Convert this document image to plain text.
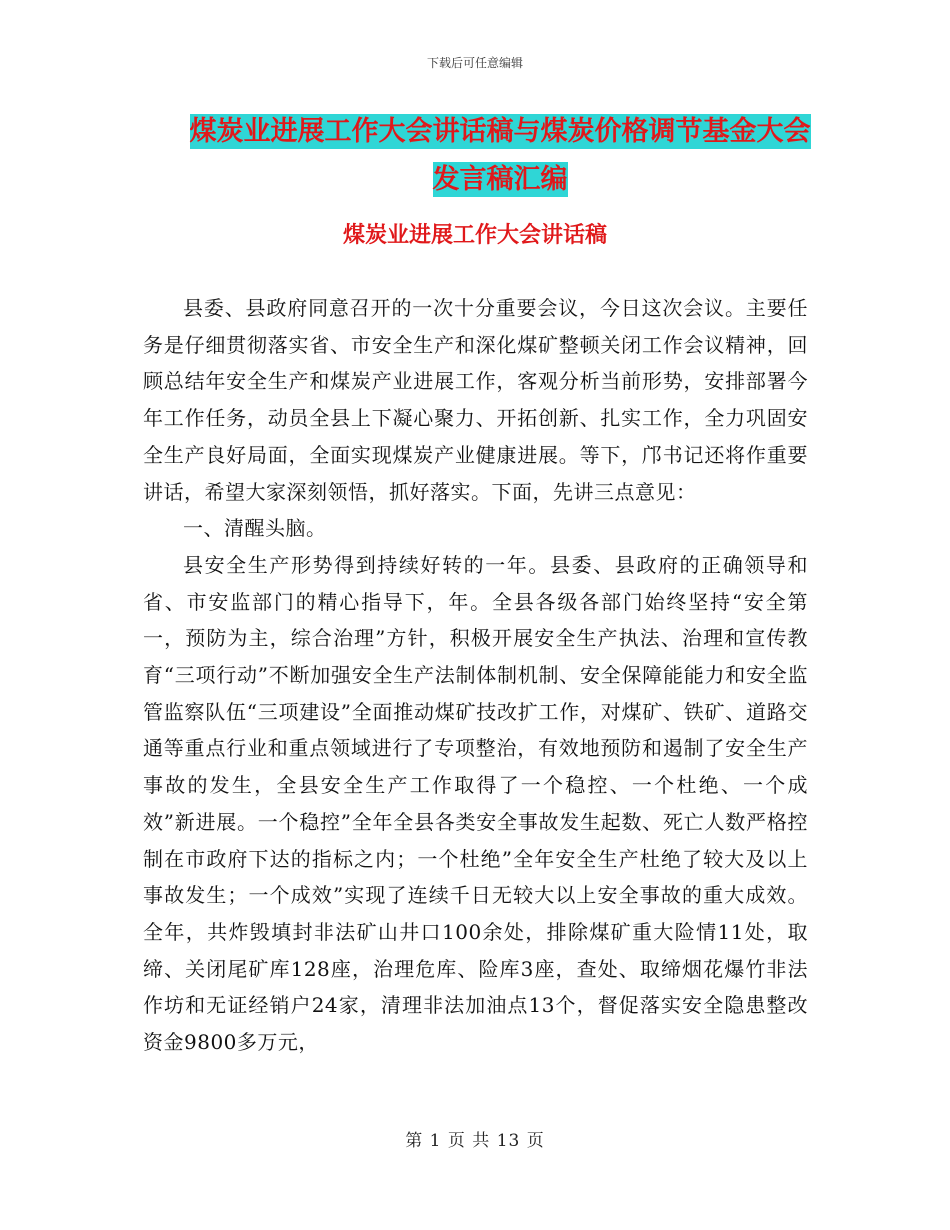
下载后可任意编辑
煤炭业进展工作大会讲话稿与煤炭价格调节基金大会
发言稿汇编
煤炭业进展工作大会讲话稿

县委、县政府同意召开的一次十分重要会议，今日这次会议。主要任务是仔细贯彻落实省、市安全生产和深化煤矿整顿关闭工作会议精神，回顾总结年安全生产和煤炭产业进展工作，客观分析当前形势，安排部署今年工作任务，动员全县上下凝心聚力、开拓创新、扎实工作，全力巩固安全生产良好局面，全面实现煤炭产业健康进展。等下，邝书记还将作重要讲话，希望大家深刻领悟，抓好落实。下面，先讲三点意见：

一、清醒头脑。

县安全生产形势得到持续好转的一年。县委、县政府的正确领导和省、市安监部门的精心指导下，年。全县各级各部门始终坚持“安全第一，预防为主，综合治理”方针，积极开展安全生产执法、治理和宣传教育“三项行动”不断加强安全生产法制体制机制、安全保障能能力和安全监管监察队伍“三项建设”全面推动煤矿技改扩工作，对煤矿、铁矿、道路交通等重点行业和重点领域进行了专项整治，有效地预防和遏制了安全生产事故的发生，全县安全生产工作取得了一个稳控、一个杜绝、一个成效”新进展。一个稳控”全年全县各类安全事故发生起数、死亡人数严格控制在市政府下达的指标之内；一个杜绝”全年安全生产杜绝了较大及以上事故发生；一个成效”实现了连续千日无较大以上安全事故的重大成效。全年，共炸毁填封非法矿山井口100余处，排除煤矿重大险情11处，取缔、关闭尾矿库128座，治理危库、险库3座，查处、取缔烟花爆竹非法作坊和无证经销户24家，清理非法加油点13个，督促落实安全隐患整改资金9800多万元，

第 1 页 共 13 页
